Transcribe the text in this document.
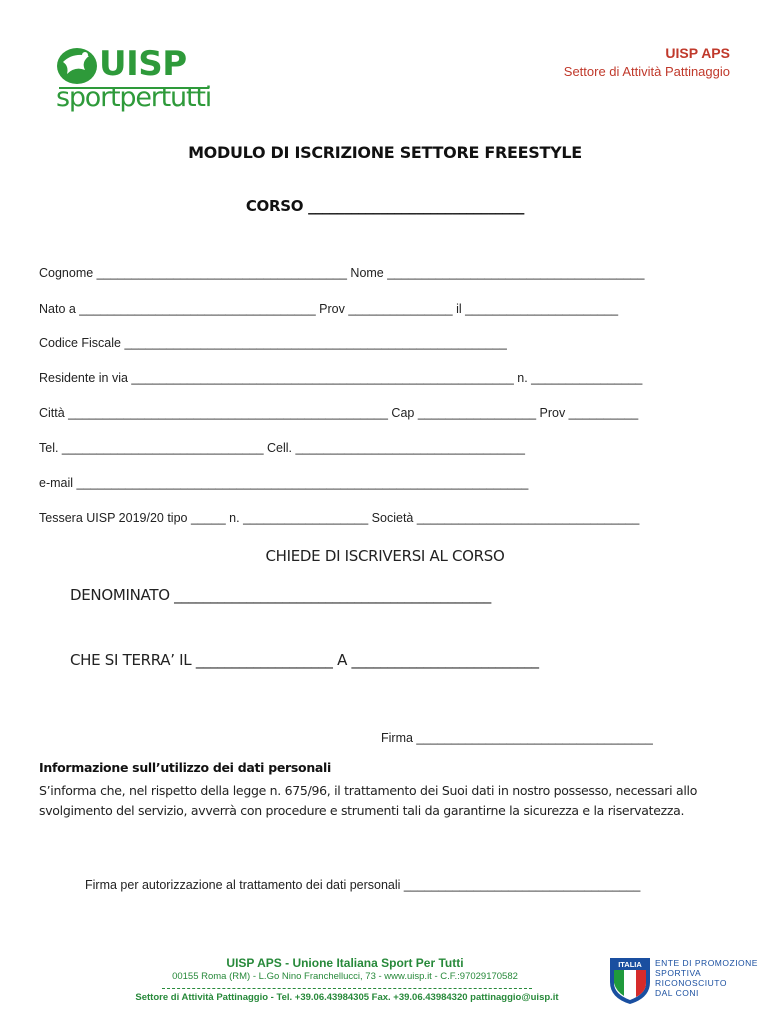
UISP
sportpertutti
UISP APS
Settore di Attività Pattinaggio
MODULO DI ISCRIZIONE SETTORE FREESTYLE
CORSO ______________________________
Cognome ____________________________________ Nome _____________________________________
Nato a __________________________________ Prov _______________ il ______________________
Codice Fiscale _______________________________________________________
Residente in via _______________________________________________________ n. ________________
Città ______________________________________________ Cap _________________ Prov __________
Tel. _____________________________ Cell. _________________________________
e-mail _________________________________________________________________
Tessera UISP 2019/20 tipo _____ n. __________________ Società ________________________________
CHIEDE DI ISCRIVERSI AL CORSO
DENOMINATO ____________________________________________
CHE SI TERRA’ IL ___________________ A __________________________
Firma __________________________________
Informazione sull’utilizzo dei dati personali
S’informa che, nel rispetto della legge n. 675/96, il trattamento dei Suoi dati in nostro possesso, necessari allo svolgimento del servizio, avverrà con procedure e strumenti tali da garantirne la sicurezza e la riservatezza.
Firma per autorizzazione al trattamento dei dati personali __________________________________
UISP APS - Unione Italiana Sport Per Tutti
00155 Roma (RM) - L.Go Nino Franchellucci, 73 - www.uisp.it - C.F.:97029170582
Settore di Attività Pattinaggio - Tel. +39.06.43984305 Fax. +39.06.43984320 pattinaggio@uisp.it
ITALIA ENTE DI PROMOZIONE
SPORTIVA
RICONOSCIUTO
DAL CONI
